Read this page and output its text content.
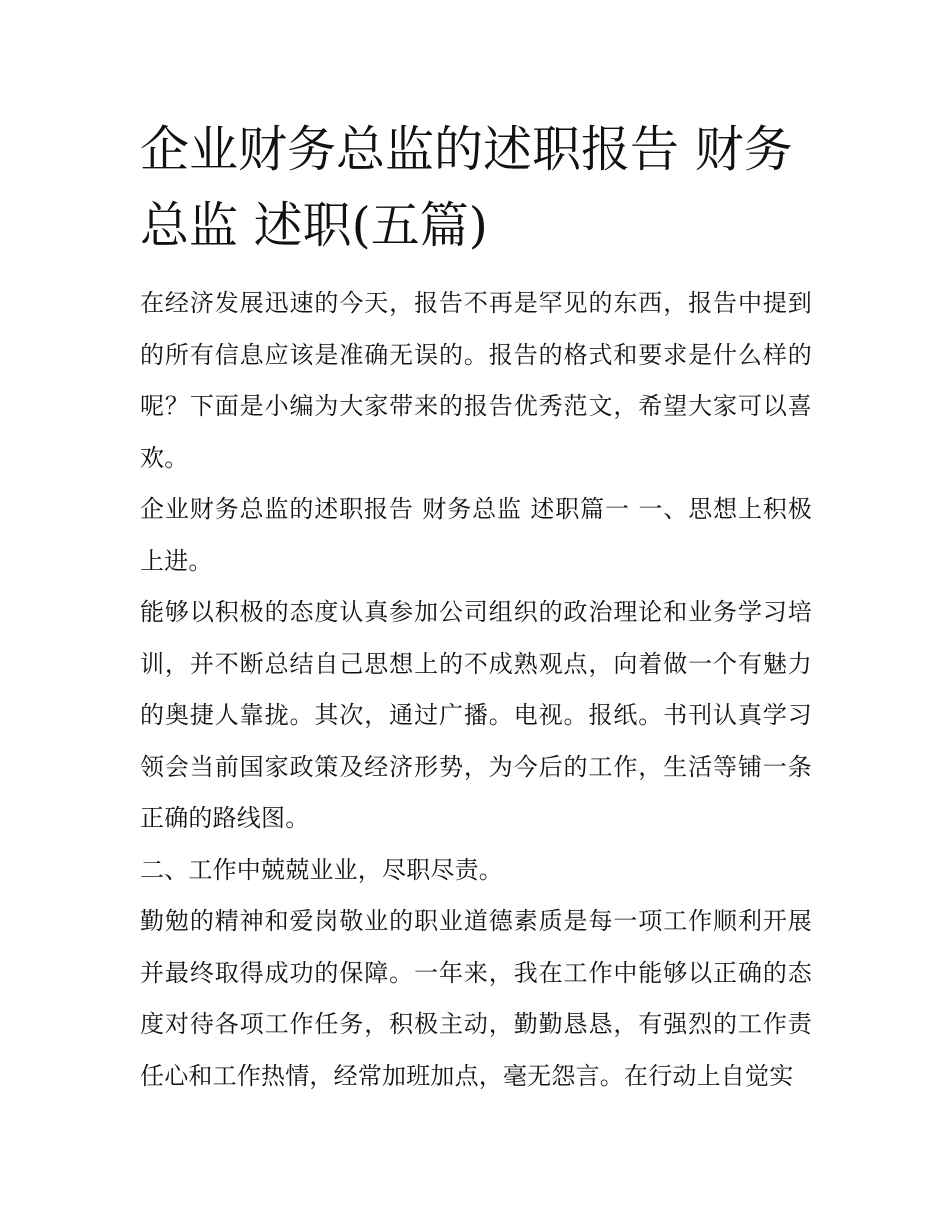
企业财务总监的述职报告 财务总监 述职(五篇)

在经济发展迅速的今天，报告不再是罕见的东西，报告中提到的所有信息应该是准确无误的。报告的格式和要求是什么样的呢？下面是小编为大家带来的报告优秀范文，希望大家可以喜欢。

企业财务总监的述职报告 财务总监 述职篇一 一、思想上积极上进。

能够以积极的态度认真参加公司组织的政治理论和业务学习培训，并不断总结自己思想上的不成熟观点，向着做一个有魅力的奥捷人靠拢。其次，通过广播。电视。报纸。书刊认真学习领会当前国家政策及经济形势，为今后的工作，生活等铺一条正确的路线图。

二、工作中兢兢业业，尽职尽责。

勤勉的精神和爱岗敬业的职业道德素质是每一项工作顺利开展并最终取得成功的保障。一年来，我在工作中能够以正确的态度对待各项工作任务，积极主动，勤勤恳恳，有强烈的工作责任心和工作热情，经常加班加点，毫无怨言。在行动上自觉实
